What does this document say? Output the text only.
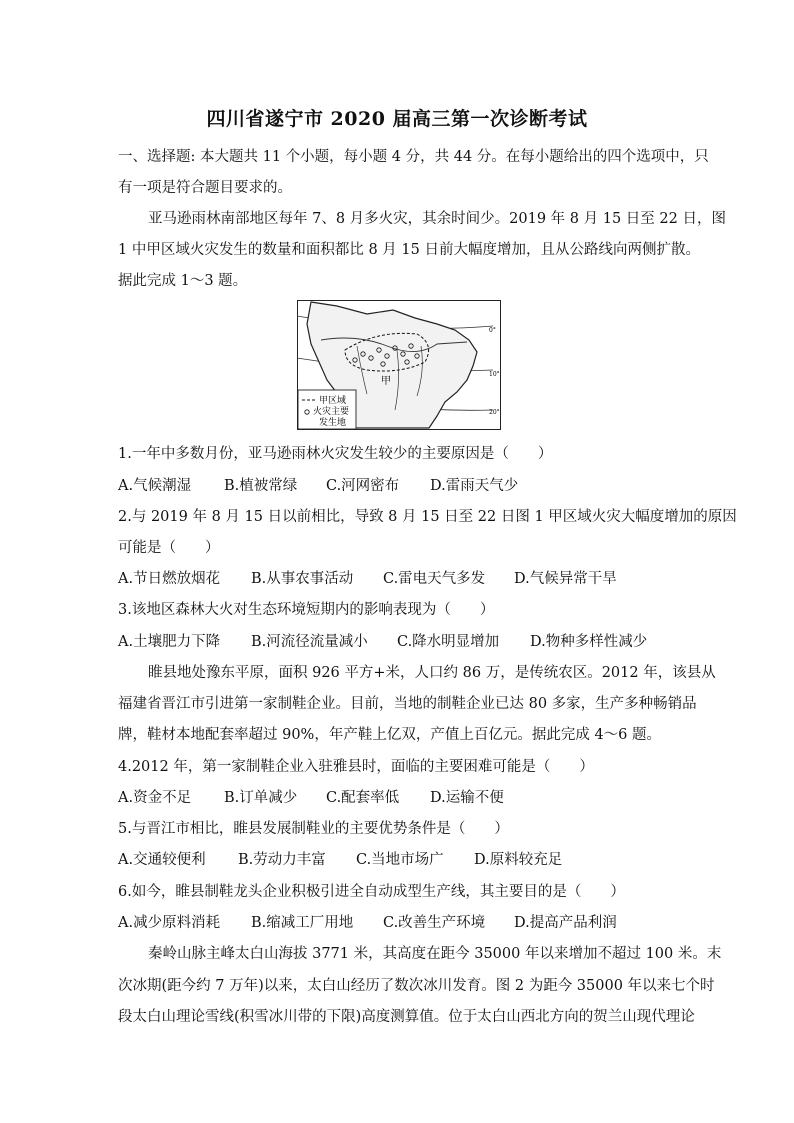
四川省遂宁市 2020 届高三第一次诊断考试
一、选择题: 本大题共 11 个小题，每小题 4 分，共 44 分。在每小题给出的四个选项中，只
有一项是符合题目要求的。
亚马逊雨林南部地区每年 7、8 月多火灾，其余时间少。2019 年 8 月 15 日至 22 日，图
1 中甲区域火灾发生的数量和面积都比 8 月 15 日前大幅度增加，且从公路线向两侧扩散。
据此完成 1～3 题。
甲
0°
10°
20°
甲区域
火灾主要
发生地
1.一年中多数月份，亚马逊雨林火灾发生较少的主要原因是（　　）
A.气候潮湿 B.植被常绿 C.河网密布 D.雷雨天气少
2.与 2019 年 8 月 15 日以前相比，导致 8 月 15 日至 22 日图 1 甲区域火灾大幅度增加的原因
可能是（　　）
A.节日燃放烟花 B.从事农事活动 C.雷电天气多发 D.气候异常干旱
3.该地区森林大火对生态环境短期内的影响表现为（　　）
A.土壤肥力下降 B.河流径流量减小 C.降水明显增加 D.物种多样性减少
睢县地处豫东平原，面积 926 平方+米，人口约 86 万，是传统农区。2012 年，该县从
福建省晋江市引进第一家制鞋企业。目前，当地的制鞋企业已达 80 多家，生产多种畅销品
牌，鞋材本地配套率超过 90%，年产鞋上亿双，产值上百亿元。据此完成 4～6 题。
4.2012 年，第一家制鞋企业入驻雅县时，面临的主要困难可能是（　　）
A.资金不足 B.订单减少 C.配套率低 D.运输不便
5.与晋江市相比，睢县发展制鞋业的主要优势条件是（　　）
A.交通较便利 B.劳动力丰富 C.当地市场广 D.原料较充足
6.如今，睢县制鞋龙头企业积极引进全自动成型生产线，其主要目的是（　　）
A.减少原料消耗 B.缩减工厂用地 C.改善生产环境 D.提高产品利润
秦岭山脉主峰太白山海拔 3771 米，其高度在距今 35000 年以来增加不超过 100 米。末
次冰期(距今约 7 万年)以来，太白山经历了数次冰川发育。图 2 为距今 35000 年以来七个时
段太白山理论雪线(积雪冰川带的下限)高度测算值。位于太白山西北方向的贺兰山现代理论
